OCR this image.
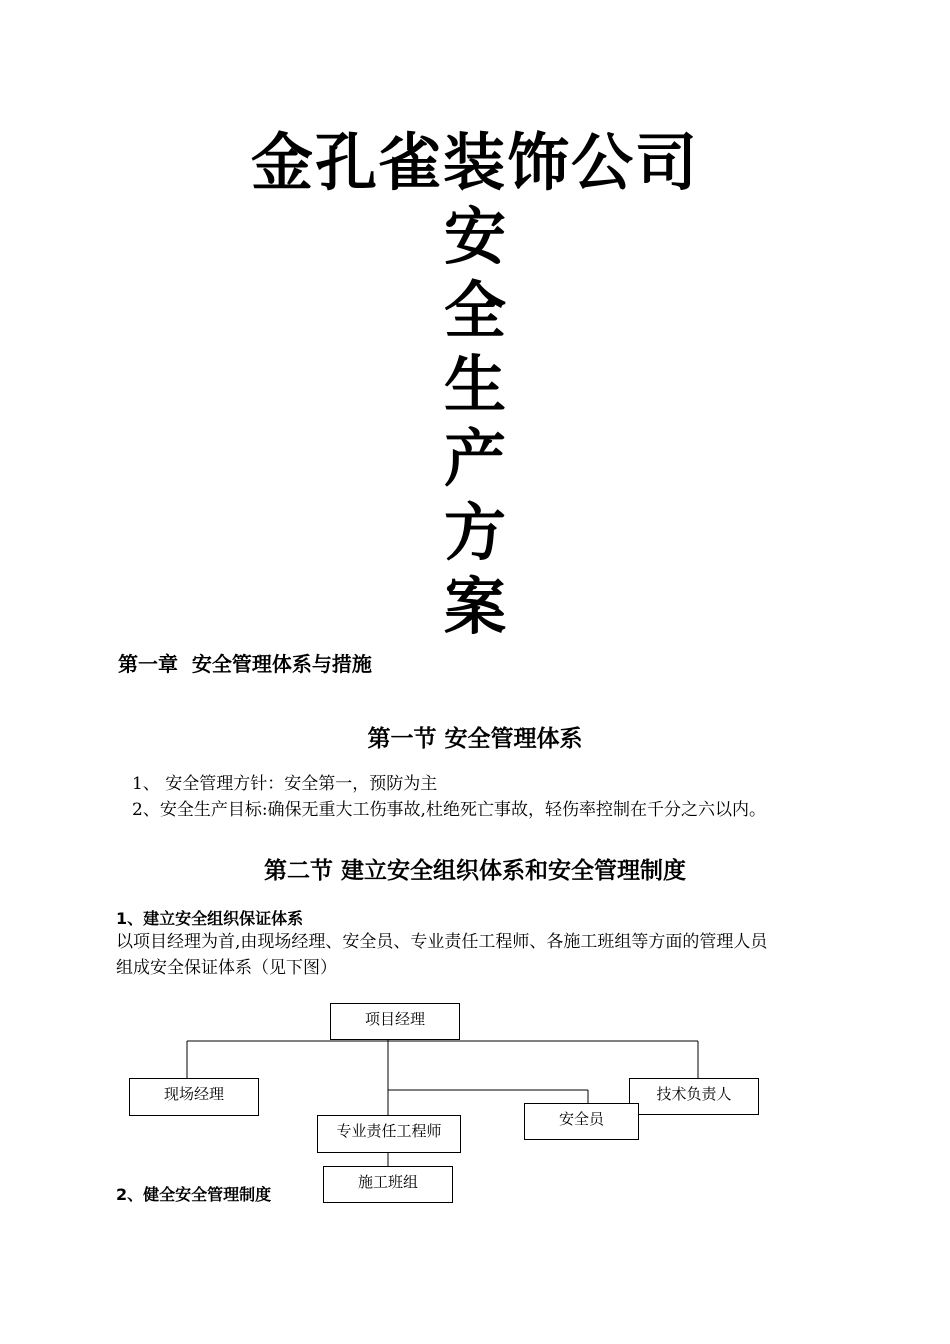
金孔雀装饰公司
安
全
生
产
方
案
第一章  安全管理体系与措施
第一节 安全管理体系
1、 安全管理方针：安全第一，预防为主
2、安全生产目标:确保无重大工伤事故,杜绝死亡事故，轻伤率控制在千分之六以内。
第二节 建立安全组织体系和安全管理制度
1、建立安全组织保证体系
以项目经理为首,由现场经理、安全员、专业责任工程师、各施工班组等方面的管理人员
组成安全保证体系（见下图）
项目经理
现场经理	技术负责人
安全员
专业责任工程师
施工班组
2、健全安全管理制度
